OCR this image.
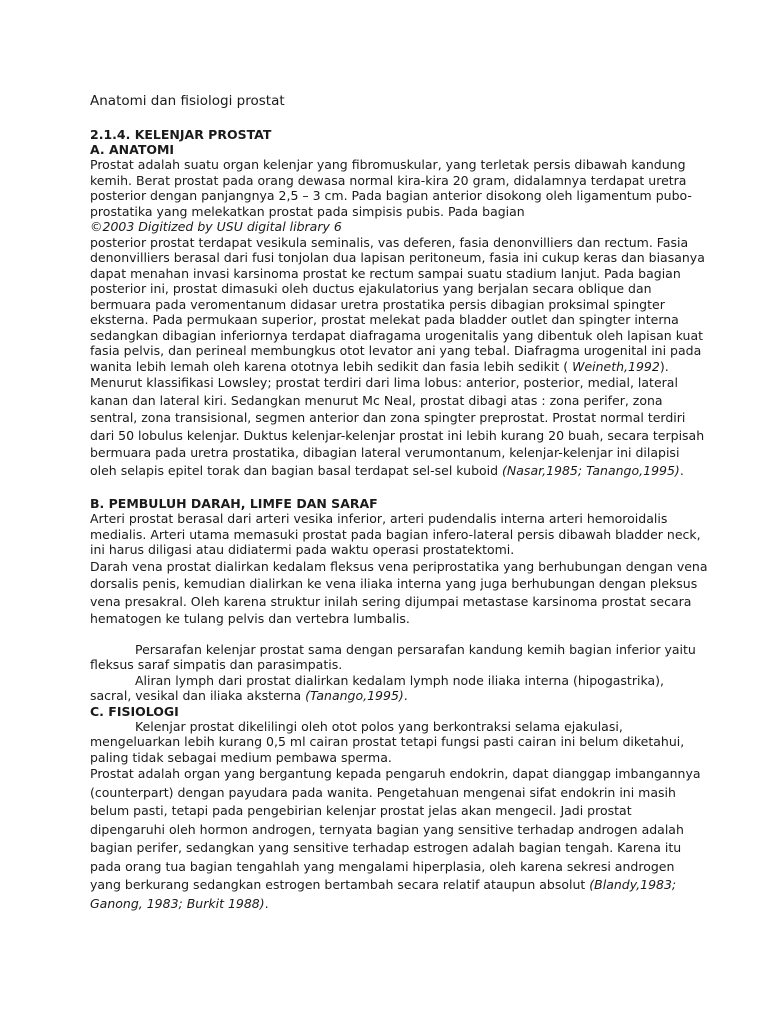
Anatomi dan fisiologi prostat
2.1.4. KELENJAR PROSTAT
A. ANATOMI

Prostat adalah suatu organ kelenjar yang fibromuskular, yang terletak persis dibawah kandung kemih. Berat prostat pada orang dewasa normal kira-kira 20 gram, didalamnya terdapat uretra posterior dengan panjangnya 2,5 – 3 cm. Pada bagian anterior disokong oleh ligamentum pubo-prostatika yang melekatkan prostat pada simpisis pubis. Pada bagian

©2003 Digitized by USU digital library 6

posterior prostat terdapat vesikula seminalis, vas deferen, fasia denonvilliers dan rectum. Fasia denonvilliers berasal dari fusi tonjolan dua lapisan peritoneum, fasia ini cukup keras dan biasanya dapat menahan invasi karsinoma prostat ke rectum sampai suatu stadium lanjut. Pada bagian posterior ini, prostat dimasuki oleh ductus ejakulatorius yang berjalan secara oblique dan bermuara pada veromentanum didasar uretra prostatika persis dibagian proksimal spingter eksterna. Pada permukaan superior, prostat melekat pada bladder outlet dan spingter interna sedangkan dibagian inferiornya terdapat diafragama urogenitalis yang dibentuk oleh lapisan kuat fasia pelvis, dan perineal membungkus otot levator ani yang tebal. Diafragma urogenital ini pada wanita lebih lemah oleh karena ototnya lebih sedikit dan fasia lebih sedikit ( Weineth,1992).

Menurut klassifikasi Lowsley; prostat terdiri dari lima lobus: anterior, posterior, medial, lateral kanan dan lateral kiri. Sedangkan menurut Mc Neal, prostat dibagi atas : zona perifer, zona sentral, zona transisional, segmen anterior dan zona spingter preprostat. Prostat normal terdiri dari 50 lobulus kelenjar. Duktus kelenjar-kelenjar prostat ini lebih kurang 20 buah, secara terpisah bermuara pada uretra prostatika, dibagian lateral verumontanum, kelenjar-kelenjar ini dilapisi oleh selapis epitel torak dan bagian basal terdapat sel-sel kuboid (Nasar,1985; Tanango,1995).

B. PEMBULUH DARAH, LIMFE DAN SARAF

Arteri prostat berasal dari arteri vesika inferior, arteri pudendalis interna arteri hemoroidalis medialis. Arteri utama memasuki prostat pada bagian infero-lateral persis dibawah bladder neck, ini harus diligasi atau didiatermi pada waktu operasi prostatektomi.

Darah vena prostat dialirkan kedalam fleksus vena periprostatika yang berhubungan dengan vena dorsalis penis, kemudian dialirkan ke vena iliaka interna yang juga berhubungan dengan pleksus vena presakral. Oleh karena struktur inilah sering dijumpai metastase karsinoma prostat secara hematogen ke tulang pelvis dan vertebra lumbalis.

Persarafan kelenjar prostat sama dengan persarafan kandung kemih bagian inferior yaitu fleksus saraf simpatis dan parasimpatis.

Aliran lymph dari prostat dialirkan kedalam lymph node iliaka interna (hipogastrika), sacral, vesikal dan iliaka aksterna (Tanango,1995).

C. FISIOLOGI

Kelenjar prostat dikelilingi oleh otot polos yang berkontraksi selama ejakulasi, mengeluarkan lebih kurang 0,5 ml cairan prostat tetapi fungsi pasti cairan ini belum diketahui, paling tidak sebagai medium pembawa sperma.

Prostat adalah organ yang bergantung kepada pengaruh endokrin, dapat dianggap imbangannya (counterpart) dengan payudara pada wanita. Pengetahuan mengenai sifat endokrin ini masih belum pasti, tetapi pada pengebirian kelenjar prostat jelas akan mengecil. Jadi prostat dipengaruhi oleh hormon androgen, ternyata bagian yang sensitive terhadap androgen adalah bagian perifer, sedangkan yang sensitive terhadap estrogen adalah bagian tengah. Karena itu pada orang tua bagian tengahlah yang mengalami hiperplasia, oleh karena sekresi androgen yang berkurang sedangkan estrogen bertambah secara relatif ataupun absolut (Blandy,1983; Ganong, 1983; Burkit 1988).
